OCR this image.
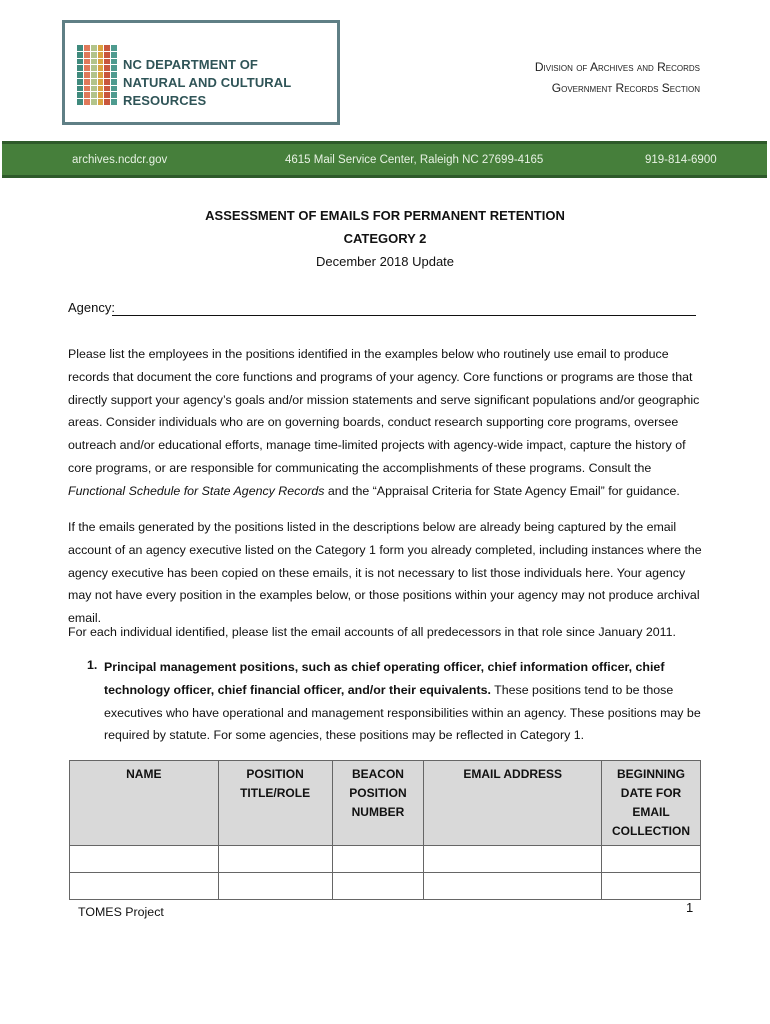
NC DEPARTMENT OF
NATURAL AND CULTURAL RESOURCES
Division of Archives and Records
Government Records Section
archives.ncdcr.gov	4615 Mail Service Center, Raleigh NC 27699-4165	919-814-6900
ASSESSMENT OF EMAILS FOR PERMANENT RETENTION
CATEGORY 2
December 2018 Update
Agency:

Please list the employees in the positions identified in the examples below who routinely use email to produce records that document the core functions and programs of your agency. Core functions or programs are those that directly support your agency’s goals and/or mission statements and serve significant populations and/or geographic areas. Consider individuals who are on governing boards, conduct research supporting core programs, oversee outreach and/or educational efforts, manage time-limited projects with agency-wide impact, capture the history of core programs, or are responsible for communicating the accomplishments of these programs. Consult the Functional Schedule for State Agency Records and the “Appraisal Criteria for State Agency Email” for guidance.

If the emails generated by the positions listed in the descriptions below are already being captured by the email account of an agency executive listed on the Category 1 form you already completed, including instances where the agency executive has been copied on these emails, it is not necessary to list those individuals here. Your agency may not have every position in the examples below, or those positions within your agency may not produce archival email.

For each individual identified, please list the email accounts of all predecessors in that role since January 2011.

1. Principal management positions, such as chief operating officer, chief information officer, chief technology officer, chief financial officer, and/or their equivalents. These positions tend to be those executives who have operational and management responsibilities within an agency. These positions may be required by statute. For some agencies, these positions may be reflected in Category 1.
NAME	POSITION TITLE/ROLE	BEACON POSITION NUMBER	EMAIL ADDRESS	BEGINNING DATE FOR EMAIL COLLECTION

TOMES Project	1
